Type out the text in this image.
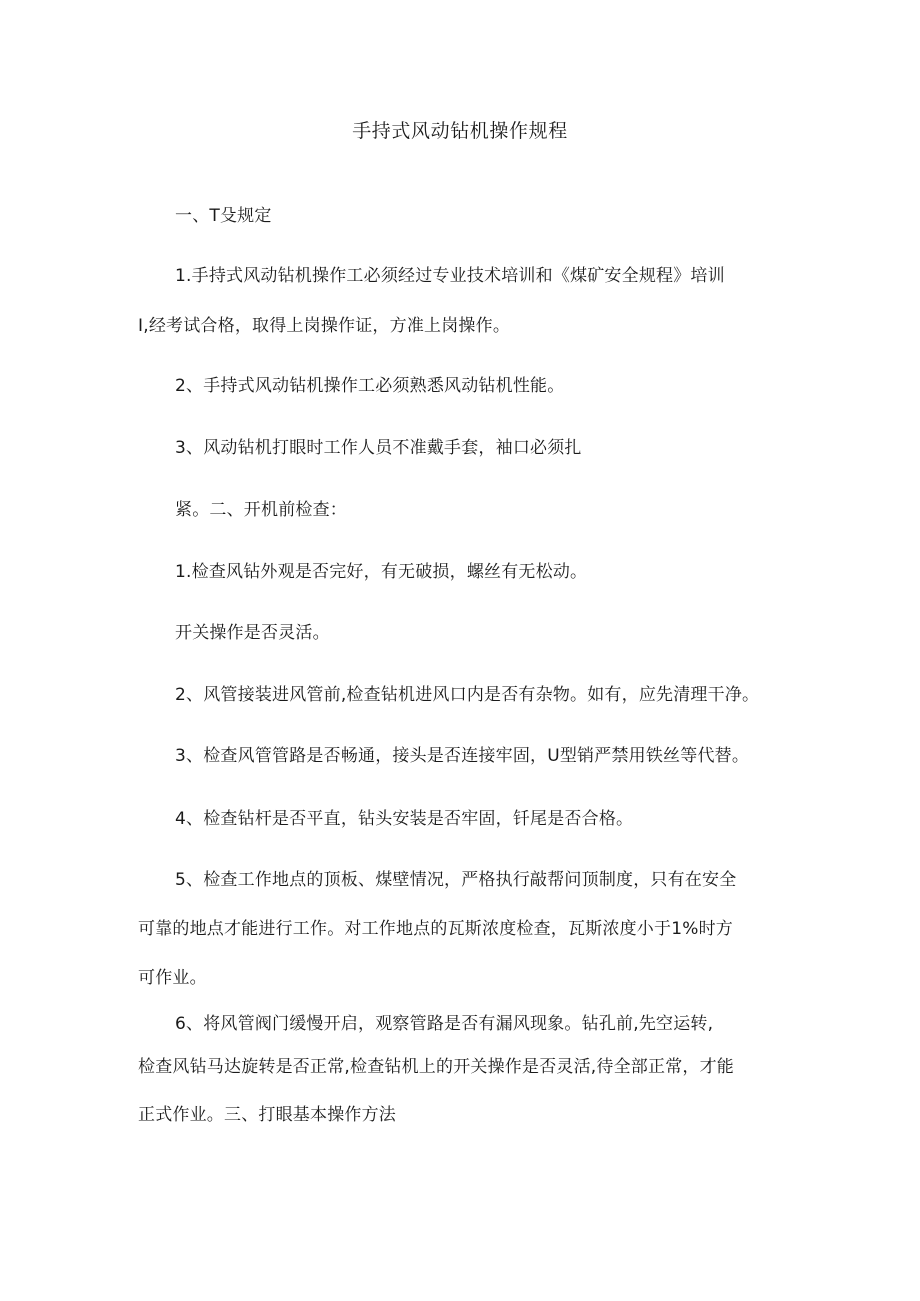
手持式风动钻机操作规程
一、T殳规定
1.手持式风动钻机操作工必须经过专业技术培训和《煤矿安全规程》培训
I,经考试合格，取得上岗操作证，方准上岗操作。
2、手持式风动钻机操作工必须熟悉风动钻机性能。
3、风动钻机打眼时工作人员不准戴手套，袖口必须扎
紧。二、开机前检查：
1.检查风钻外观是否完好，有无破损，螺丝有无松动。
开关操作是否灵活。
2、风管接装进风管前,检查钻机进风口内是否有杂物。如有，应先清理干净。
3、检查风管管路是否畅通，接头是否连接牢固，U型销严禁用铁丝等代替。
4、检查钻杆是否平直，钻头安装是否牢固，钎尾是否合格。
5、检查工作地点的顶板、煤壁情况，严格执行敲帮问顶制度，只有在安全
可靠的地点才能进行工作。对工作地点的瓦斯浓度检查，瓦斯浓度小于1%时方
可作业。
6、将风管阀门缓慢开启，观察管路是否有漏风现象。钻孔前,先空运转,
检查风钻马达旋转是否正常,检查钻机上的开关操作是否灵活,待全部正常，才能
正式作业。三、打眼基本操作方法
